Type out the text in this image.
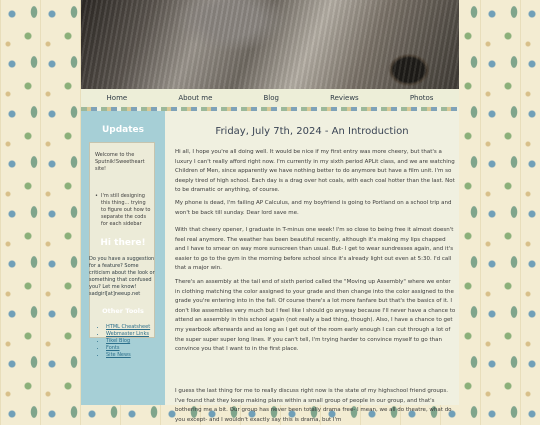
Home	About me	Blog	Reviews	Photos
Updates

Welcome to the Sputnik!Sweetheart site!

• I'm still designing this thing... trying to figure out how to separate the cods for each sidebar
Hi there!

Do you have a suggestion for a feature? Some criticism about the look or something that confused you? Let me know! sadgirl[at]neeup.net

Other Tools
• HTML Cheatsheet
• Webmaster Links
• Tikel Blog
• Fonts
• Site News
Friday, July 7th, 2024 - An Introduction

Hi all, I hope you're all doing well. It would be nice if my first entry was more cheery, but that's a luxury I can't really afford right now. I'm currently in my sixth period APLit class, and we are watching Children of Men, since apparently we have nothing better to do anymore but have a film unit. I'm so deeply tired of high school. Each day is a drag over hot coals, with each coal hotter than the last. Not to be dramatic or anything, of course.

My phone is dead, I'm failing AP Calculus, and my boyfriend is going to Portland on a school trip and won't be back till sunday. Dear lord save me.

With that cheery opener, I graduate in T-minus one week! I'm so close to being free it almost doesn't feel real anymore. The weather has been beautiful recently, although it's making my lips chapped and I have to smear on way more sunscreen than usual. But- I get to wear sundresses again, and it's easier to go to the gym in the morning before school since it's already light out even at 5:30. I'd call that a major win.

There's an assembly at the tail end of sixth period called the "Moving up Assembly" where we enter in clothing matching the color assigned to your grade and then change into the color assigned to the grade you're entering into in the fall. Of course there's a lot more fanfare but that's the basics of it. I don't like assemblies very much but I feel like I should go anyway because I'll never have a chance to attend an assembly in this school again (not really a bad thing, though). Also, I have a chance to get my yearbook afterwards and as long as I get out of the room early enough I can cut through a lot of the super super super long lines. If you can't tell, I'm trying harder to convince myself to go than convince you that I want to in the first place.

I guess the last thing for me to really discuss right now is the state of my highschool friend groups. I've found that they keep making plans within a small group of people in our group, and that's bothering me a bit. Our group has never been totally drama free- I mean, we all do theatre, what do you except- and I wouldn't exactly say this is drama, but I'm
